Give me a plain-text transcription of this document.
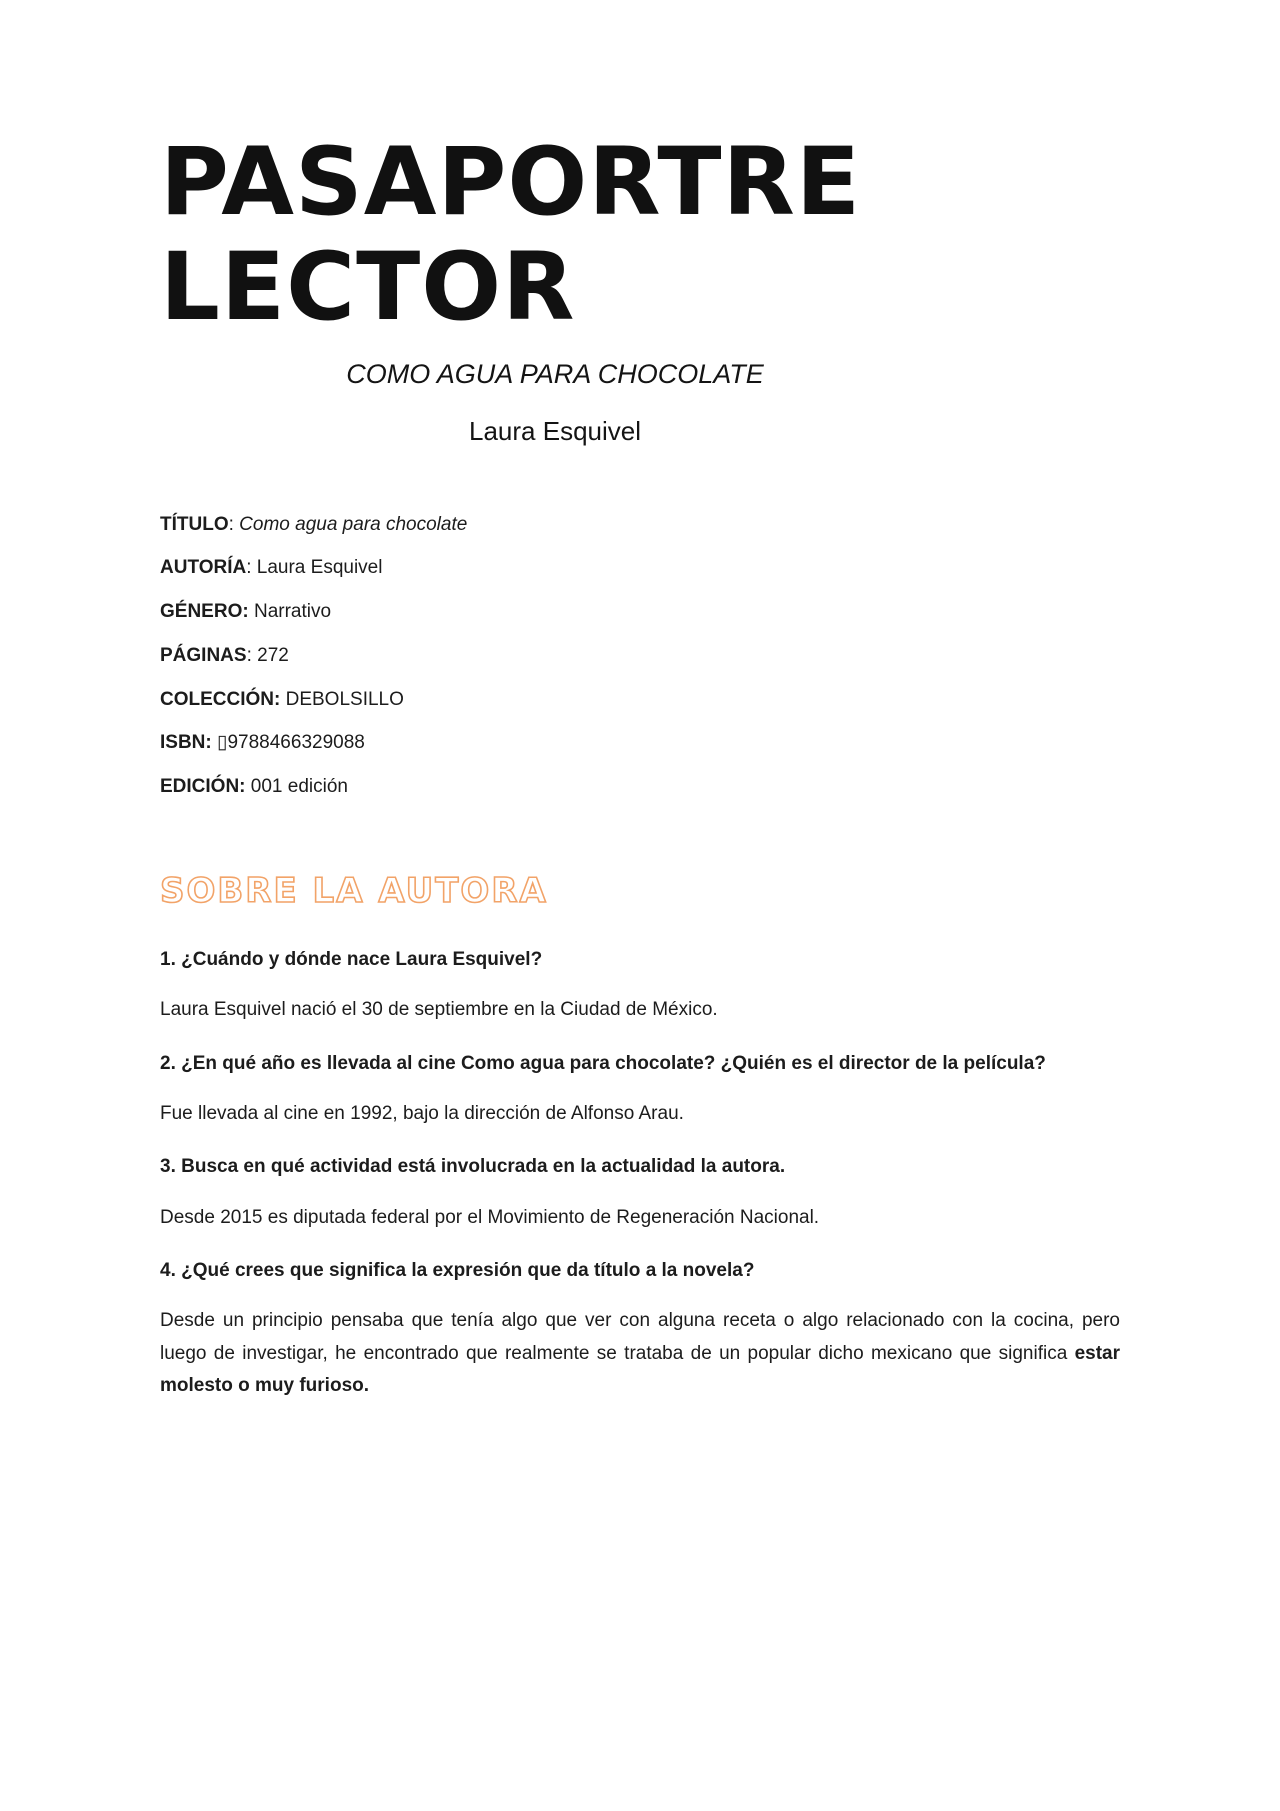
PASAPORTRE
LECTOR
COMO AGUA PARA CHOCOLATE
Laura Esquivel
TÍTULO: Como agua para chocolate
AUTORÍA: Laura Esquivel
GÉNERO: Narrativo
PÁGINAS: 272
COLECCIÓN: DEBOLSILLO
ISBN: ▯9788466329088
EDICIÓN: 001 edición
SOBRE LA AUTORA

1. ¿Cuándo y dónde nace Laura Esquivel?

Laura Esquivel nació el 30 de septiembre en la Ciudad de México.

2. ¿En qué año es llevada al cine Como agua para chocolate? ¿Quién es el director de la película?

Fue llevada al cine en 1992, bajo la dirección de Alfonso Arau.

3. Busca en qué actividad está involucrada en la actualidad la autora.

Desde 2015 es diputada federal por el Movimiento de Regeneración Nacional.

4. ¿Qué crees que significa la expresión que da título a la novela?

Desde un principio pensaba que tenía algo que ver con alguna receta o algo relacionado con la cocina, pero luego de investigar, he encontrado que realmente se trataba de un popular dicho mexicano que significa estar molesto o muy furioso.
